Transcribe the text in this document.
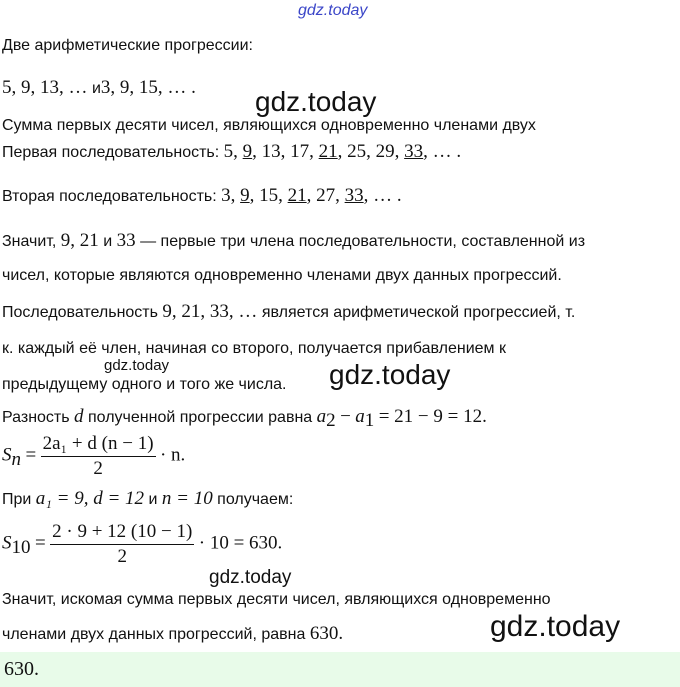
gdz.today
gdz.today
gdz.today	gdz.today
gdz.today
gdz.today
Две арифметические прогрессии:
5, 9, 13, … и3, 9, 15, … .
Сумма первых десяти чисел, являющихся одновременно членами двух
Первая последовательность: 5, 9, 13, 17, 21, 25, 29, 33, … .
Вторая последовательность: 3, 9, 15, 21, 27, 33, … .
Значит, 9, 21 и 33 — первые три члена последовательности, составленной из
чисел, которые являются одновременно членами двух данных прогрессий.
Последовательность 9, 21, 33, … является арифметической прогрессией, т.
к. каждый её член, начиная со второго, получается прибавлением к
предыдущему одного и того же числа.
Разность d полученной прогрессии равна $a_2 - a_1 = 21 - 9 = 12$.
$S_n = \frac{\text{2a₁ + d (n − 1)}}{2} \cdot n$.
При a₁ = 9, d = 12 и n = 10 получаем:
$S_{10} = \frac{2 \cdot 9 + 12 (10 - 1)}{2} \cdot 10 = 630$.
Значит, искомая сумма первых десяти чисел, являющихся одновременно
членами двух данных прогрессий, равна 630.
630.
